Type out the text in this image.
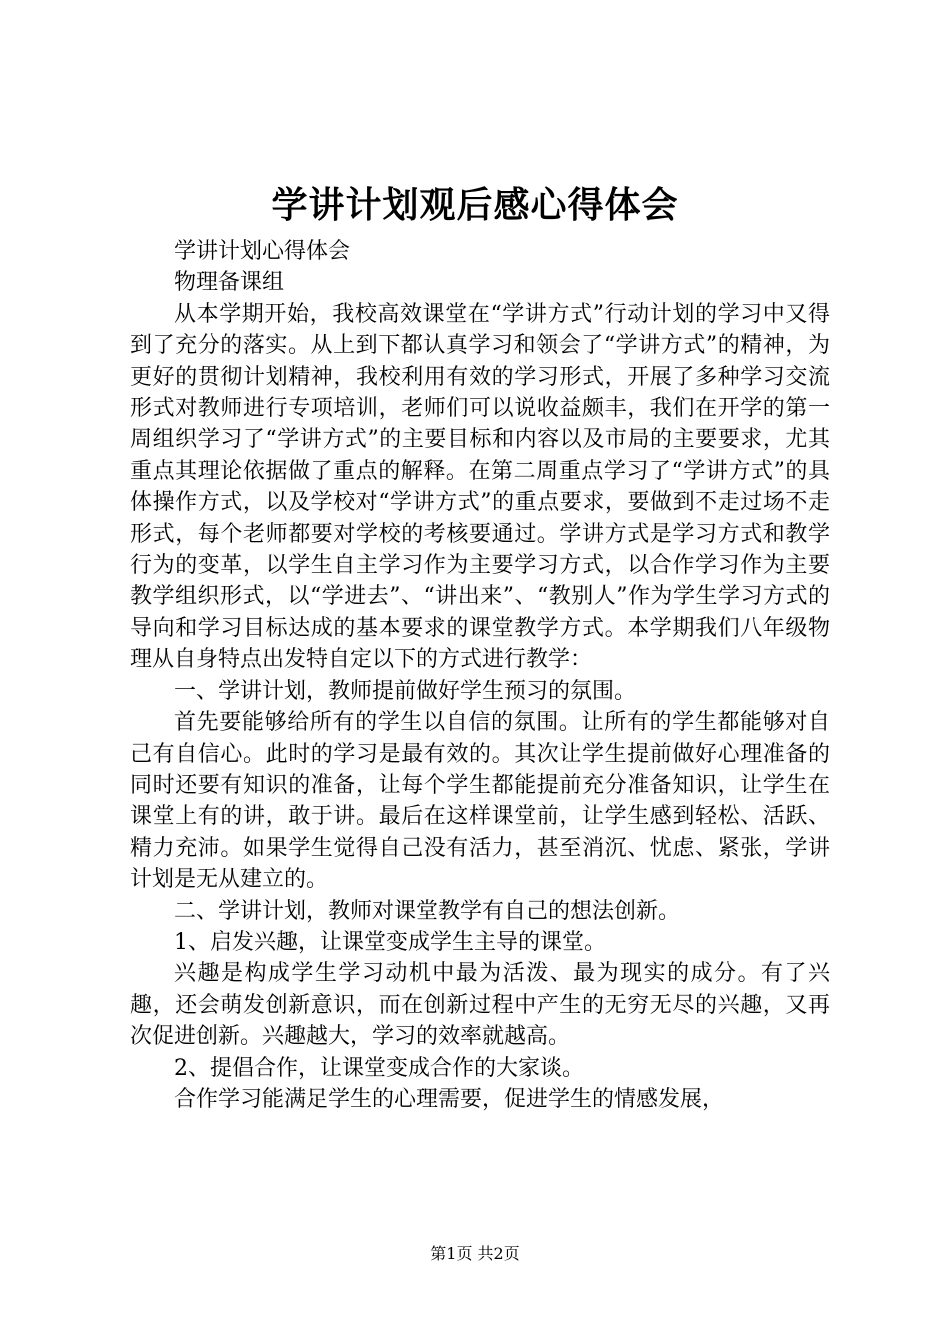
学讲计划观后感心得体会

学讲计划心得体会

物理备课组

从本学期开始，我校高效课堂在“学讲方式”行动计划的学习中又得到了充分的落实。从上到下都认真学习和领会了“学讲方式”的精神，为更好的贯彻计划精神，我校利用有效的学习形式，开展了多种学习交流形式对教师进行专项培训，老师们可以说收益颇丰，我们在开学的第一周组织学习了“学讲方式”的主要目标和内容以及市局的主要要求，尤其重点其理论依据做了重点的解释。在第二周重点学习了“学讲方式”的具体操作方式，以及学校对“学讲方式”的重点要求，要做到不走过场不走形式，每个老师都要对学校的考核要通过。学讲方式是学习方式和教学行为的变革，以学生自主学习作为主要学习方式，以合作学习作为主要教学组织形式，以“学进去”、“讲出来”、“教别人”作为学生学习方式的导向和学习目标达成的基本要求的课堂教学方式。本学期我们八年级物理从自身特点出发特自定以下的方式进行教学：

一、学讲计划，教师提前做好学生预习的氛围。

首先要能够给所有的学生以自信的氛围。让所有的学生都能够对自己有自信心。此时的学习是最有效的。其次让学生提前做好心理准备的同时还要有知识的准备，让每个学生都能提前充分准备知识，让学生在课堂上有的讲，敢于讲。最后在这样课堂前，让学生感到轻松、活跃、精力充沛。如果学生觉得自己没有活力，甚至消沉、忧虑、紧张，学讲计划是无从建立的。

二、学讲计划，教师对课堂教学有自己的想法创新。

1、启发兴趣，让课堂变成学生主导的课堂。

兴趣是构成学生学习动机中最为活泼、最为现实的成分。有了兴趣，还会萌发创新意识，而在创新过程中产生的无穷无尽的兴趣，又再次促进创新。兴趣越大，学习的效率就越高。

2、提倡合作，让课堂变成合作的大家谈。

合作学习能满足学生的心理需要，促进学生的情感发展，

第1页 共2页
